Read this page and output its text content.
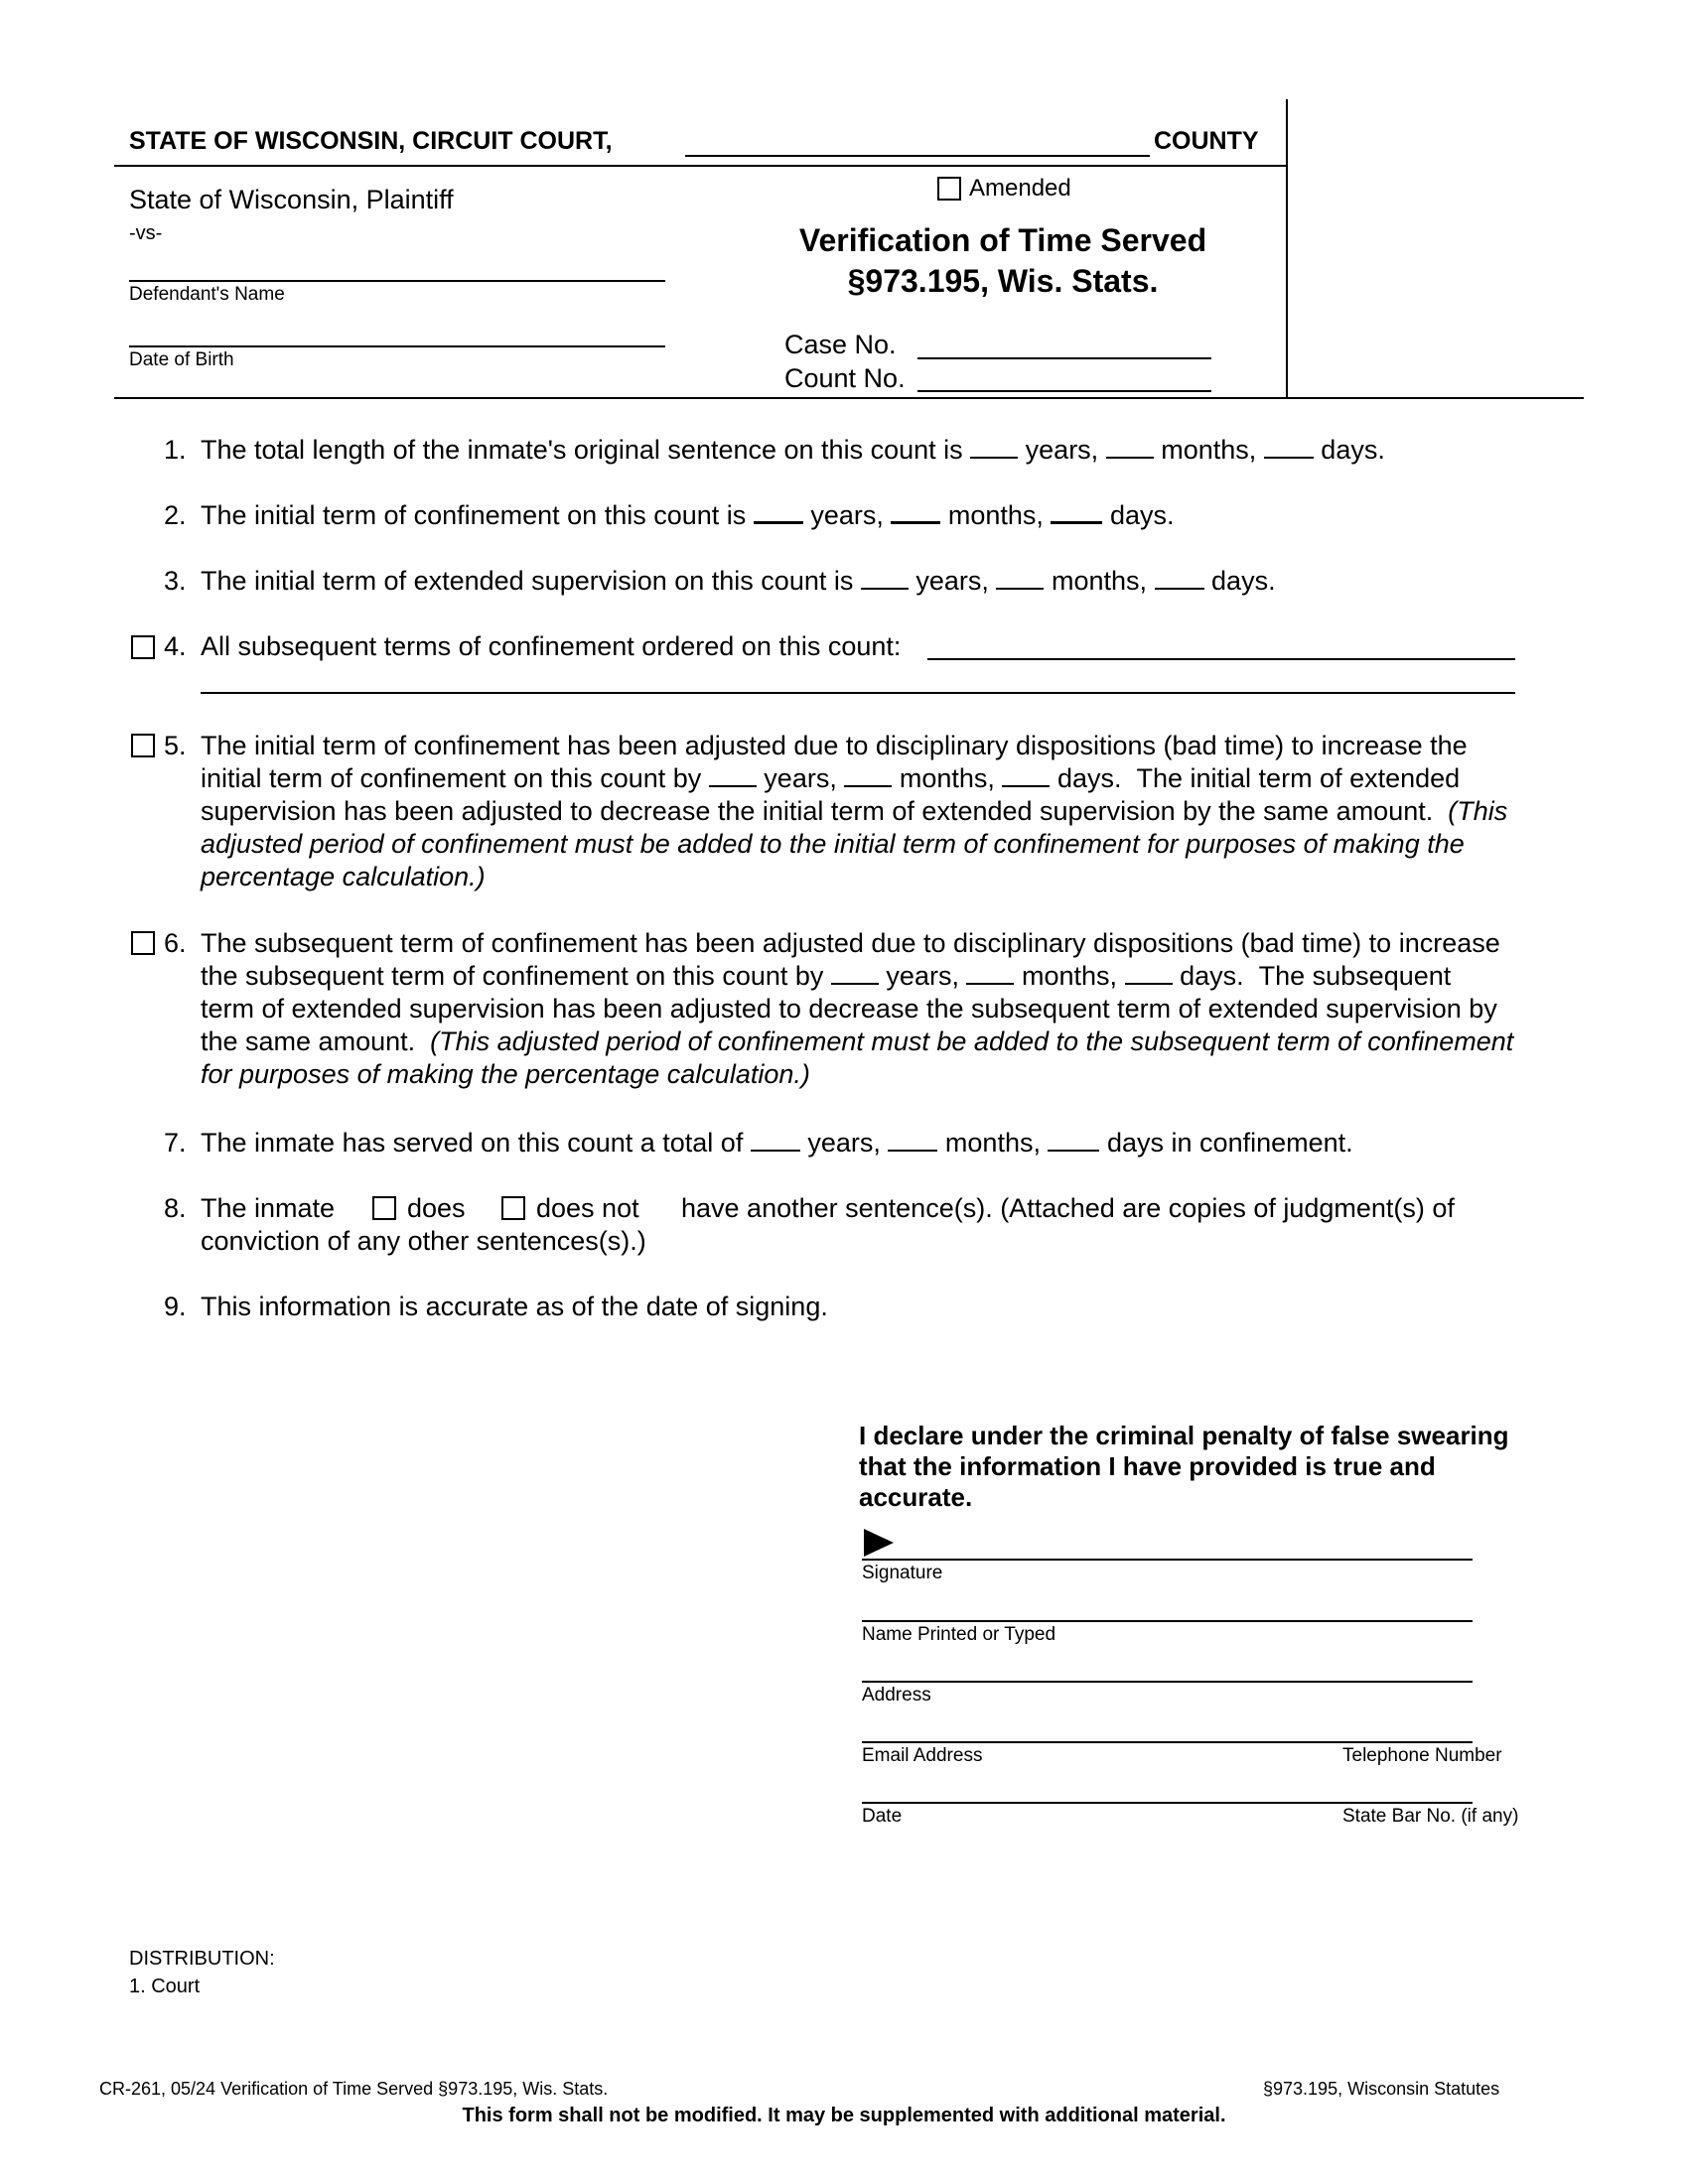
STATE OF WISCONSIN, CIRCUIT COURT,	COUNTY
State of Wisconsin, Plaintiff
-vs-
Defendant's Name
Date of Birth
Amended
Verification of Time Served
§973.195, Wis. Stats.
Case No.
Count No.
1. The total length of the inmate's original sentence on this count is years, months, days.
2. The initial term of confinement on this count is years, months, days.
3. The initial term of extended supervision on this count is years, months, days.
4. All subsequent terms of confinement ordered on this count:
5. The initial term of confinement has been adjusted due to disciplinary dispositions (bad time) to increase the
initial term of confinement on this count by years, months, days. The initial term of extended
supervision has been adjusted to decrease the initial term of extended supervision by the same amount. (This
adjusted period of confinement must be added to the initial term of confinement for purposes of making the
percentage calculation.)
6. The subsequent term of confinement has been adjusted due to disciplinary dispositions (bad time) to increase
the subsequent term of confinement on this count by years, months, days. The subsequent
term of extended supervision has been adjusted to decrease the subsequent term of extended supervision by
the same amount. (This adjusted period of confinement must be added to the subsequent term of confinement
for purposes of making the percentage calculation.)
7. The inmate has served on this count a total of years, months, days in confinement.
8. The inmate	does	does not have another sentence(s). (Attached are copies of judgment(s) of
conviction of any other sentences(s).)
9. This information is accurate as of the date of signing.
I declare under the criminal penalty of false swearing
that the information I have provided is true and
accurate.
Signature
Name Printed or Typed
Address
Email Address	Telephone Number
Date	State Bar No. (if any)
DISTRIBUTION:
1. Court
CR-261, 05/24 Verification of Time Served §973.195, Wis. Stats.	§973.195, Wisconsin Statutes
This form shall not be modified. It may be supplemented with additional material.
